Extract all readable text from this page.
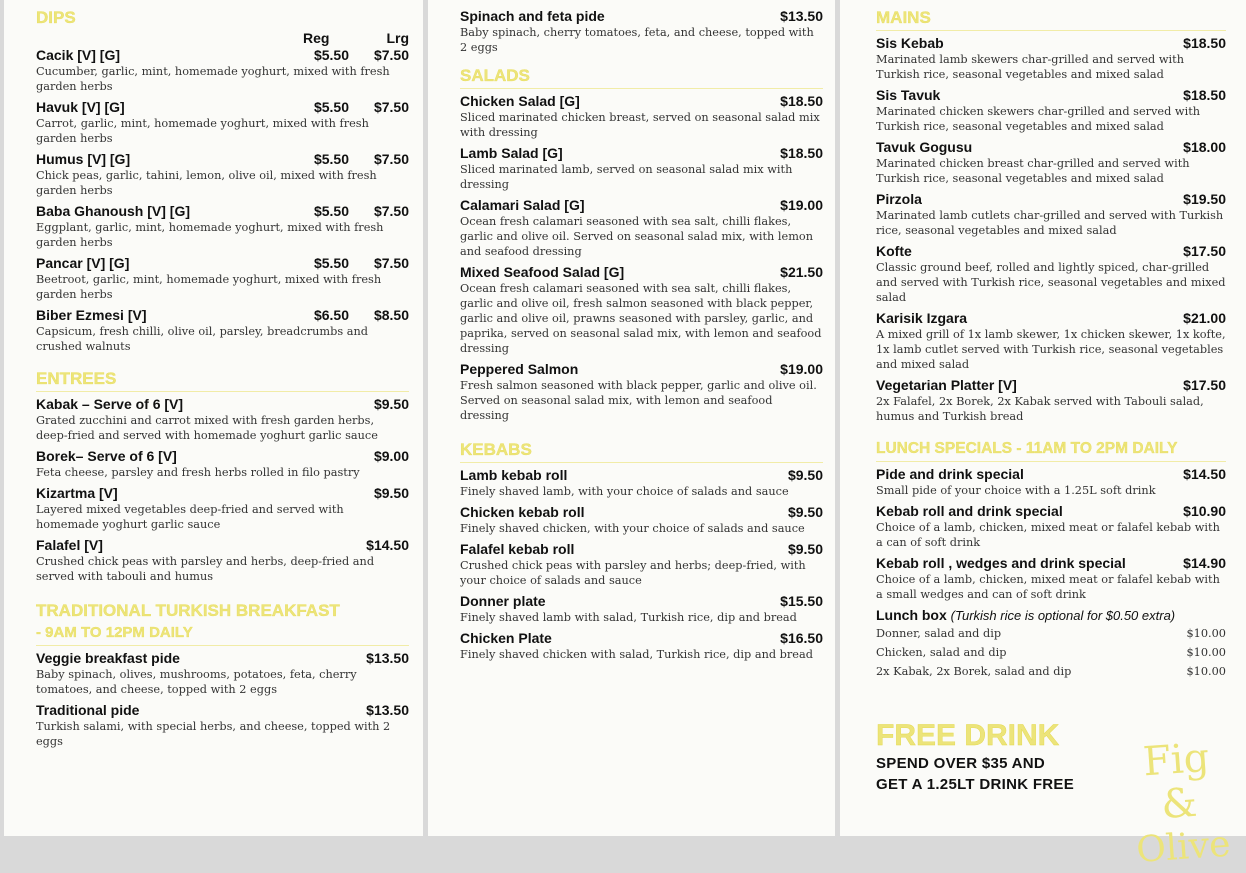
DIPS
Reg	Lrg
Cacik [V] [G]	$5.50	$7.50
Cucumber, garlic, mint, homemade yoghurt, mixed with fresh garden herbs
Havuk [V] [G]	$5.50	$7.50
Carrot, garlic, mint, homemade yoghurt, mixed with fresh garden herbs
Humus [V] [G]	$5.50	$7.50
Chick peas, garlic, tahini, lemon, olive oil, mixed with fresh garden herbs
Baba Ghanoush [V] [G]	$5.50	$7.50
Eggplant, garlic, mint, homemade yoghurt, mixed with fresh garden herbs
Pancar [V] [G]	$5.50	$7.50
Beetroot, garlic, mint, homemade yoghurt, mixed with fresh garden herbs
Biber Ezmesi [V]	$6.50	$8.50
Capsicum, fresh chilli, olive oil, parsley, breadcrumbs and crushed walnuts
ENTREES
Kabak – Serve of 6 [V]	$9.50
Grated zucchini and carrot mixed with fresh garden herbs, deep-fried and served with homemade yoghurt garlic sauce
Borek– Serve of 6 [V]	$9.00
Feta cheese, parsley and fresh herbs rolled in filo pastry
Kizartma [V]	$9.50
Layered mixed vegetables deep-fried and served with homemade yoghurt garlic sauce
Falafel [V]	$14.50
Crushed chick peas with parsley and herbs, deep-fried and served with tabouli and humus
TRADITIONAL TURKISH BREAKFAST
- 9AM TO 12PM DAILY
Veggie breakfast pide	$13.50
Baby spinach, olives, mushrooms, potatoes, feta, cherry tomatoes, and cheese, topped with 2 eggs
Traditional pide	$13.50
Turkish salami, with special herbs, and cheese, topped with 2 eggs
Spinach and feta pide	$13.50
Baby spinach, cherry tomatoes, feta, and cheese, topped with 2 eggs
SALADS
Chicken Salad [G]	$18.50
Sliced marinated chicken breast, served on seasonal salad mix with dressing
Lamb Salad [G]	$18.50
Sliced marinated lamb, served on seasonal salad mix with dressing
Calamari Salad [G]	$19.00
Ocean fresh calamari seasoned with sea salt, chilli flakes, garlic and olive oil. Served on seasonal salad mix, with lemon and seafood dressing
Mixed Seafood Salad [G]	$21.50
Ocean fresh calamari seasoned with sea salt, chilli flakes, garlic and olive oil, fresh salmon seasoned with black pepper, garlic and olive oil, prawns seasoned with parsley, garlic, and paprika, served on seasonal salad mix, with lemon and seafood dressing
Peppered Salmon	$19.00
Fresh salmon seasoned with black pepper, garlic and olive oil. Served on seasonal salad mix, with lemon and seafood dressing
KEBABS
Lamb kebab roll	$9.50
Finely shaved lamb, with your choice of salads and sauce
Chicken kebab roll	$9.50
Finely shaved chicken, with your choice of salads and sauce
Falafel kebab roll	$9.50
Crushed chick peas with parsley and herbs; deep-fried, with your choice of salads and sauce
Donner plate	$15.50
Finely shaved lamb with salad, Turkish rice, dip and bread
Chicken Plate	$16.50
Finely shaved chicken with salad, Turkish rice, dip and bread
MAINS
Sis Kebab	$18.50
Marinated lamb skewers char-grilled and served with Turkish rice, seasonal vegetables and mixed salad
Sis Tavuk	$18.50
Marinated chicken skewers char-grilled and served with Turkish rice, seasonal vegetables and mixed salad
Tavuk Gogusu	$18.00
Marinated chicken breast char-grilled and served with Turkish rice, seasonal vegetables and mixed salad
Pirzola	$19.50
Marinated lamb cutlets char-grilled and served with Turkish rice, seasonal vegetables and mixed salad
Kofte	$17.50
Classic ground beef, rolled and lightly spiced, char-grilled and served with Turkish rice, seasonal vegetables and mixed salad
Karisik Izgara	$21.00
A mixed grill of 1x lamb skewer, 1x chicken skewer, 1x kofte, 1x lamb cutlet served with Turkish rice, seasonal vegetables and mixed salad
Vegetarian Platter [V]	$17.50
2x Falafel, 2x Borek, 2x Kabak served with Tabouli salad, humus and Turkish bread
LUNCH SPECIALS - 11AM TO 2PM DAILY
Pide and drink special	$14.50
Small pide of your choice with a 1.25L soft drink
Kebab roll and drink special	$10.90
Choice of a lamb, chicken, mixed meat or falafel kebab with a can of soft drink
Kebab roll , wedges and drink special	$14.90
Choice of a lamb, chicken, mixed meat or falafel kebab with a small wedges and can of soft drink
Lunch box (Turkish rice is optional for $0.50 extra)
Donner, salad and dip	$10.00
Chicken, salad and dip	$10.00
2x Kabak, 2x Borek, salad and dip	$10.00
FREE DRINK
SPEND OVER $35 AND
GET A 1.25LT DRINK FREE	Fig &
Olive
